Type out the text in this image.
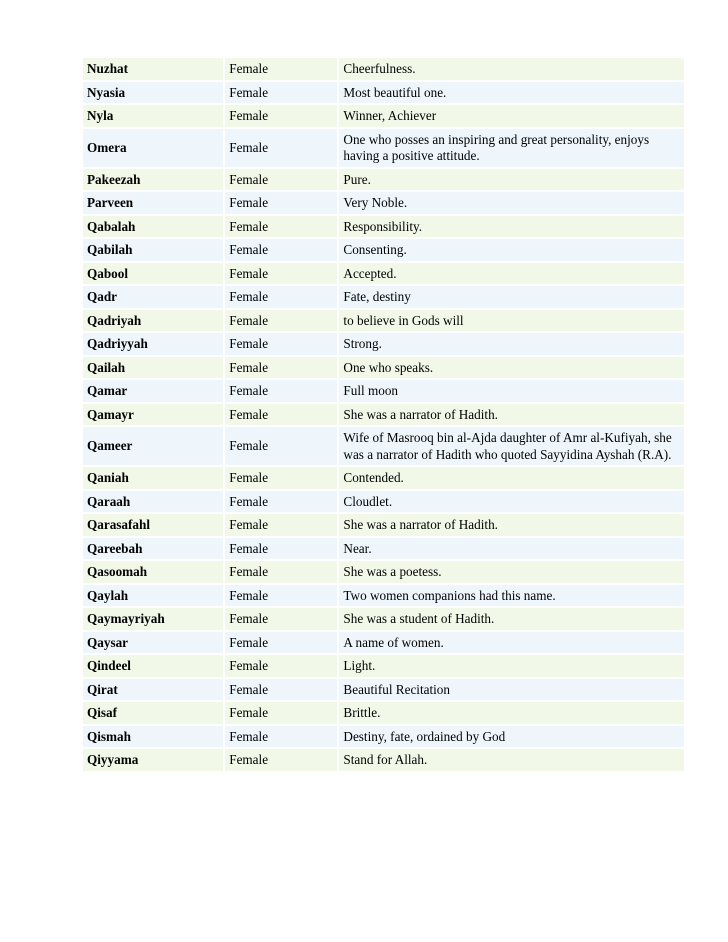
Nuzhat	Female	Cheerfulness.
Nyasia	Female	Most beautiful one.
Nyla	Female	Winner, Achiever
Omera	Female	One who posses an inspiring and great personality, enjoys having a positive attitude.
Pakeezah	Female	Pure.
Parveen	Female	Very Noble.
Qabalah	Female	Responsibility.
Qabilah	Female	Consenting.
Qabool	Female	Accepted.
Qadr	Female	Fate, destiny
Qadriyah	Female	to believe in Gods will
Qadriyyah	Female	Strong.
Qailah	Female	One who speaks.
Qamar	Female	Full moon
Qamayr	Female	She was a narrator of Hadith.
Qameer	Female	Wife of Masrooq bin al-Ajda daughter of Amr al-Kufiyah, she was a narrator of Hadith who quoted Sayyidina Ayshah (R.A).
Qaniah	Female	Contended.
Qaraah	Female	Cloudlet.
Qarasafahl	Female	She was a narrator of Hadith.
Qareebah	Female	Near.
Qasoomah	Female	She was a poetess.
Qaylah	Female	Two women companions had this name.
Qaymayriyah	Female	She was a student of Hadith.
Qaysar	Female	A name of women.
Qindeel	Female	Light.
Qirat	Female	Beautiful Recitation
Qisaf	Female	Brittle.
Qismah	Female	Destiny, fate, ordained by God
Qiyyama	Female	Stand for Allah.
